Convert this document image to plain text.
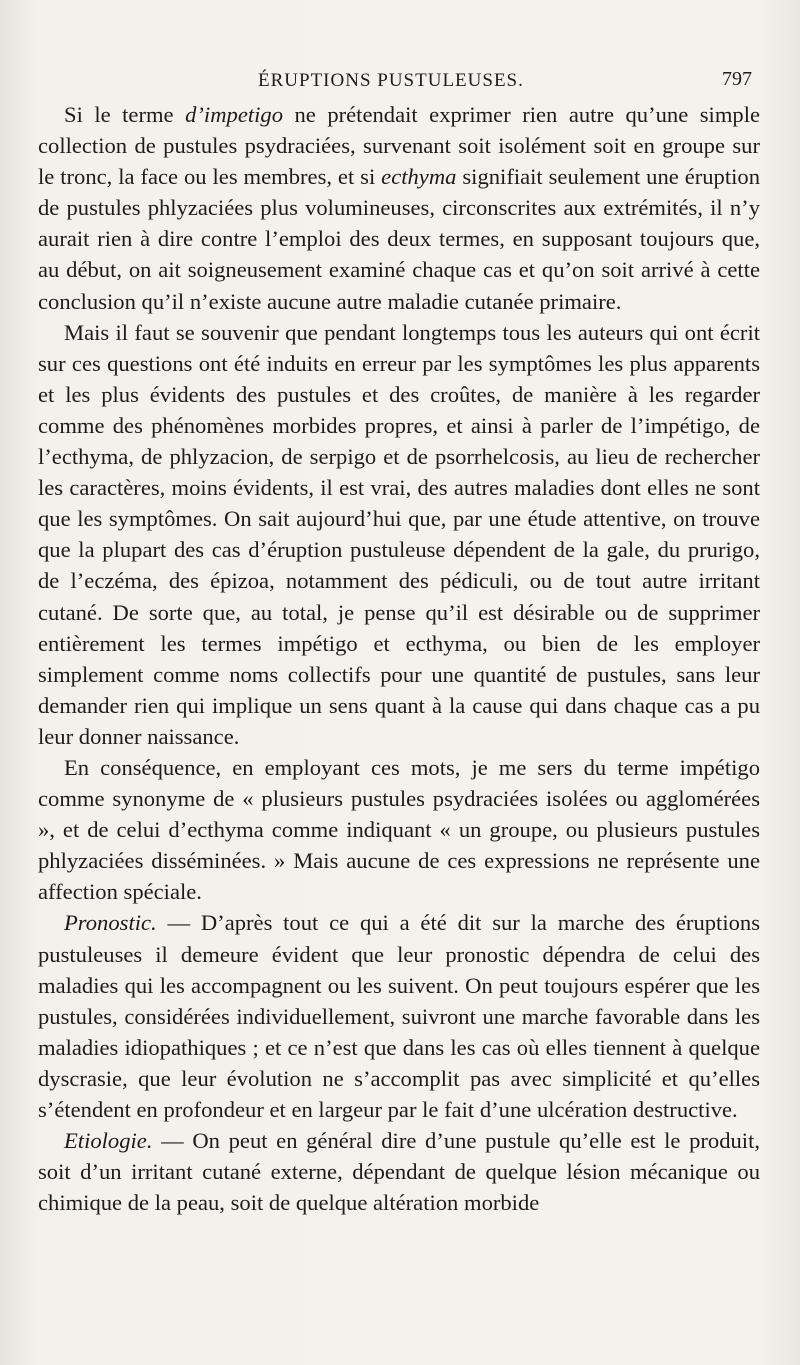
ÉRUPTIONS PUSTULEUSES.	797

Si le terme d’impetigo ne prétendait exprimer rien autre qu’une simple collection de pustules psydraciées, survenant soit isolément soit en groupe sur le tronc, la face ou les membres, et si ecthyma signifiait seulement une éruption de pustules phlyzaciées plus volumineuses, circonscrites aux extrémités, il n’y aurait rien à dire contre l’emploi des deux termes, en supposant toujours que, au début, on ait soigneusement examiné chaque cas et qu’on soit arrivé à cette conclusion qu’il n’existe aucune autre maladie cutanée primaire.

Mais il faut se souvenir que pendant longtemps tous les auteurs qui ont écrit sur ces questions ont été induits en erreur par les symptômes les plus apparents et les plus évidents des pustules et des croûtes, de manière à les regarder comme des phénomènes morbides propres, et ainsi à parler de l’impétigo, de l’ecthyma, de phlyzacion, de serpigo et de psorrhelcosis, au lieu de rechercher les caractères, moins évidents, il est vrai, des autres maladies dont elles ne sont que les symptômes. On sait aujourd’hui que, par une étude attentive, on trouve que la plupart des cas d’éruption pustuleuse dépendent de la gale, du prurigo, de l’eczéma, des épizoa, notamment des pédiculi, ou de tout autre irritant cutané. De sorte que, au total, je pense qu’il est désirable ou de supprimer entièrement les termes impétigo et ecthyma, ou bien de les employer simplement comme noms collectifs pour une quantité de pustules, sans leur demander rien qui implique un sens quant à la cause qui dans chaque cas a pu leur donner naissance.

En conséquence, en employant ces mots, je me sers du terme impétigo comme synonyme de « plusieurs pustules psydraciées isolées ou agglomérées », et de celui d’ecthyma comme indiquant « un groupe, ou plusieurs pustules phlyzaciées disséminées. » Mais aucune de ces expressions ne représente une affection spéciale.

Pronostic. — D’après tout ce qui a été dit sur la marche des éruptions pustuleuses il demeure évident que leur pronostic dépendra de celui des maladies qui les accompagnent ou les suivent. On peut toujours espérer que les pustules, considérées individuellement, suivront une marche favorable dans les maladies idiopathiques ; et ce n’est que dans les cas où elles tiennent à quelque dyscrasie, que leur évolution ne s’accomplit pas avec simplicité et qu’elles s’étendent en profondeur et en largeur par le fait d’une ulcération destructive.

Etiologie. — On peut en général dire d’une pustule qu’elle est le produit, soit d’un irritant cutané externe, dépendant de quelque lésion mécanique ou chimique de la peau, soit de quelque altération morbide
